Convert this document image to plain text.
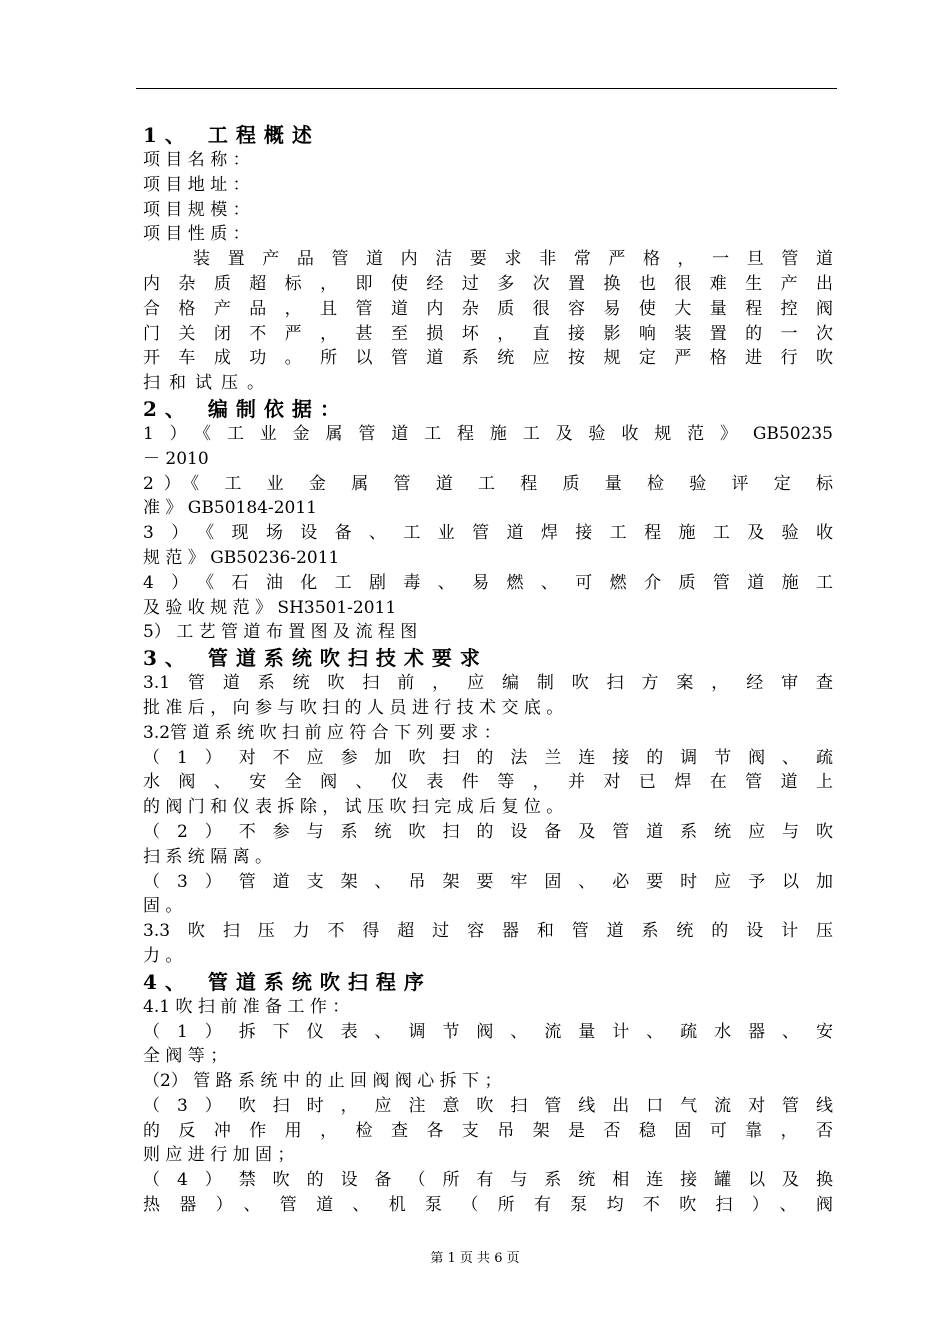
1、 工程概述
项 目 名 称 ：
项 目 地 址 ：
项 目 规 模 ：
项 目 性 质 ：
装置产品管道内洁要求非常严格，一旦管道
内杂质超标，即使经过多次置换也很难生产出
合格产品，且管道内杂质很容易使大量程控阀
门关闭不严，甚至损坏，直接影响装置的一次
开车成功。所以管道系统应按规定严格进行吹
扫和试压。
2、 编制依据：
1）《工业金属管道工程施工及验收规范》GB50235
－ 2010
2）《 工 业 金 属 管 道 工 程 质 量 检 验 评 定 标
准 》 GB50184-2011
3）《现场设备、工业管道焊接工程施工及验收
规 范 》 GB50236-2011
4）《石油化工剧毒、易燃、可燃介质管道施工
及 验 收 规 范 》 SH3501-2011
5） 工 艺 管 道 布 置 图 及 流 程 图
3、 管道系统吹扫技术要求
3.1管道系统吹扫前，应编制吹扫方案，经审查
批 准 后 ， 向 参 与 吹 扫 的 人 员 进 行 技 术 交 底 。
3.2管 道 系 统 吹 扫 前 应 符 合 下 列 要 求 ：
（1）对不应参加吹扫的法兰连接的调节阀、疏
水阀、安全阀、仪表件等，并对已焊在管道上
的 阀 门 和 仪 表 拆 除 ， 试 压 吹 扫 完 成 后 复 位 。
（2）不参与系统吹扫的设备及管道系统应与吹
扫 系 统 隔 离 。
（3）管道支架、吊架要牢固、必要时应予以加
固 。
3.3吹扫压力不得超过容器和管道系统的设计压
力 。
4、 管道系统吹扫程序
4.1 吹 扫 前 准 备 工 作 ：
（1）拆下仪表、调节阀、流量计、疏水器、安
全 阀 等 ；
（2） 管 路 系 统 中 的 止 回 阀 阀 心 拆 下 ；
（3）吹扫时，应注意吹扫管线出口气流对管线
的反冲作用，检查各支吊架是否稳固可靠，否
则 应 进 行 加 固 ；
（4）禁吹的设备（所有与系统相连接罐以及换
热器）、管道、机泵（所有泵均不吹扫）、阀
第 1 页 共 6 页
